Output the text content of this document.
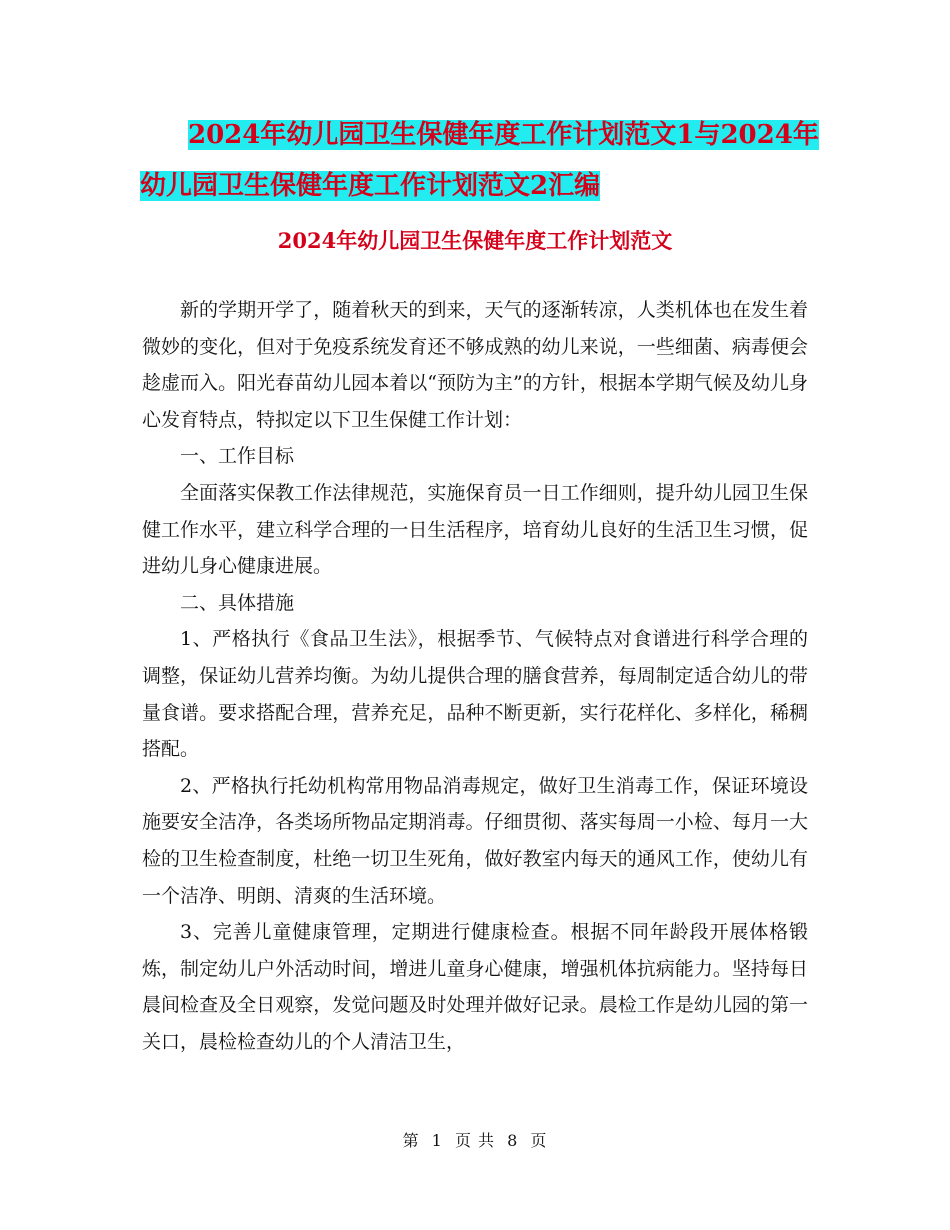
2024年幼儿园卫生保健年度工作计划范文1与2024年
幼儿园卫生保健年度工作计划范文2汇编
2024年幼儿园卫生保健年度工作计划范文

新的学期开学了，随着秋天的到来，天气的逐渐转凉，人类机体也在发生着微妙的变化，但对于免疫系统发育还不够成熟的幼儿来说，一些细菌、病毒便会趁虚而入。阳光春苗幼儿园本着以“预防为主”的方针，根据本学期气候及幼儿身心发育特点，特拟定以下卫生保健工作计划：

一、工作目标

全面落实保教工作法律规范，实施保育员一日工作细则，提升幼儿园卫生保健工作水平，建立科学合理的一日生活程序，培育幼儿良好的生活卫生习惯，促进幼儿身心健康进展。

二、具体措施

1、严格执行《食品卫生法》，根据季节、气候特点对食谱进行科学合理的调整，保证幼儿营养均衡。为幼儿提供合理的膳食营养，每周制定适合幼儿的带量食谱。要求搭配合理，营养充足，品种不断更新，实行花样化、多样化，稀稠搭配。

2、严格执行托幼机构常用物品消毒规定，做好卫生消毒工作，保证环境设施要安全洁净，各类场所物品定期消毒。仔细贯彻、落实每周一小检、每月一大检的卫生检查制度，杜绝一切卫生死角，做好教室内每天的通风工作，使幼儿有一个洁净、明朗、清爽的生活环境。

3、完善儿童健康管理，定期进行健康检查。根据不同年龄段开展体格锻炼，制定幼儿户外活动时间，增进儿童身心健康，增强机体抗病能力。坚持每日晨间检查及全日观察，发觉问题及时处理并做好记录。晨检工作是幼儿园的第一关口，晨检检查幼儿的个人清洁卫生，

第 1 页 共 8 页
